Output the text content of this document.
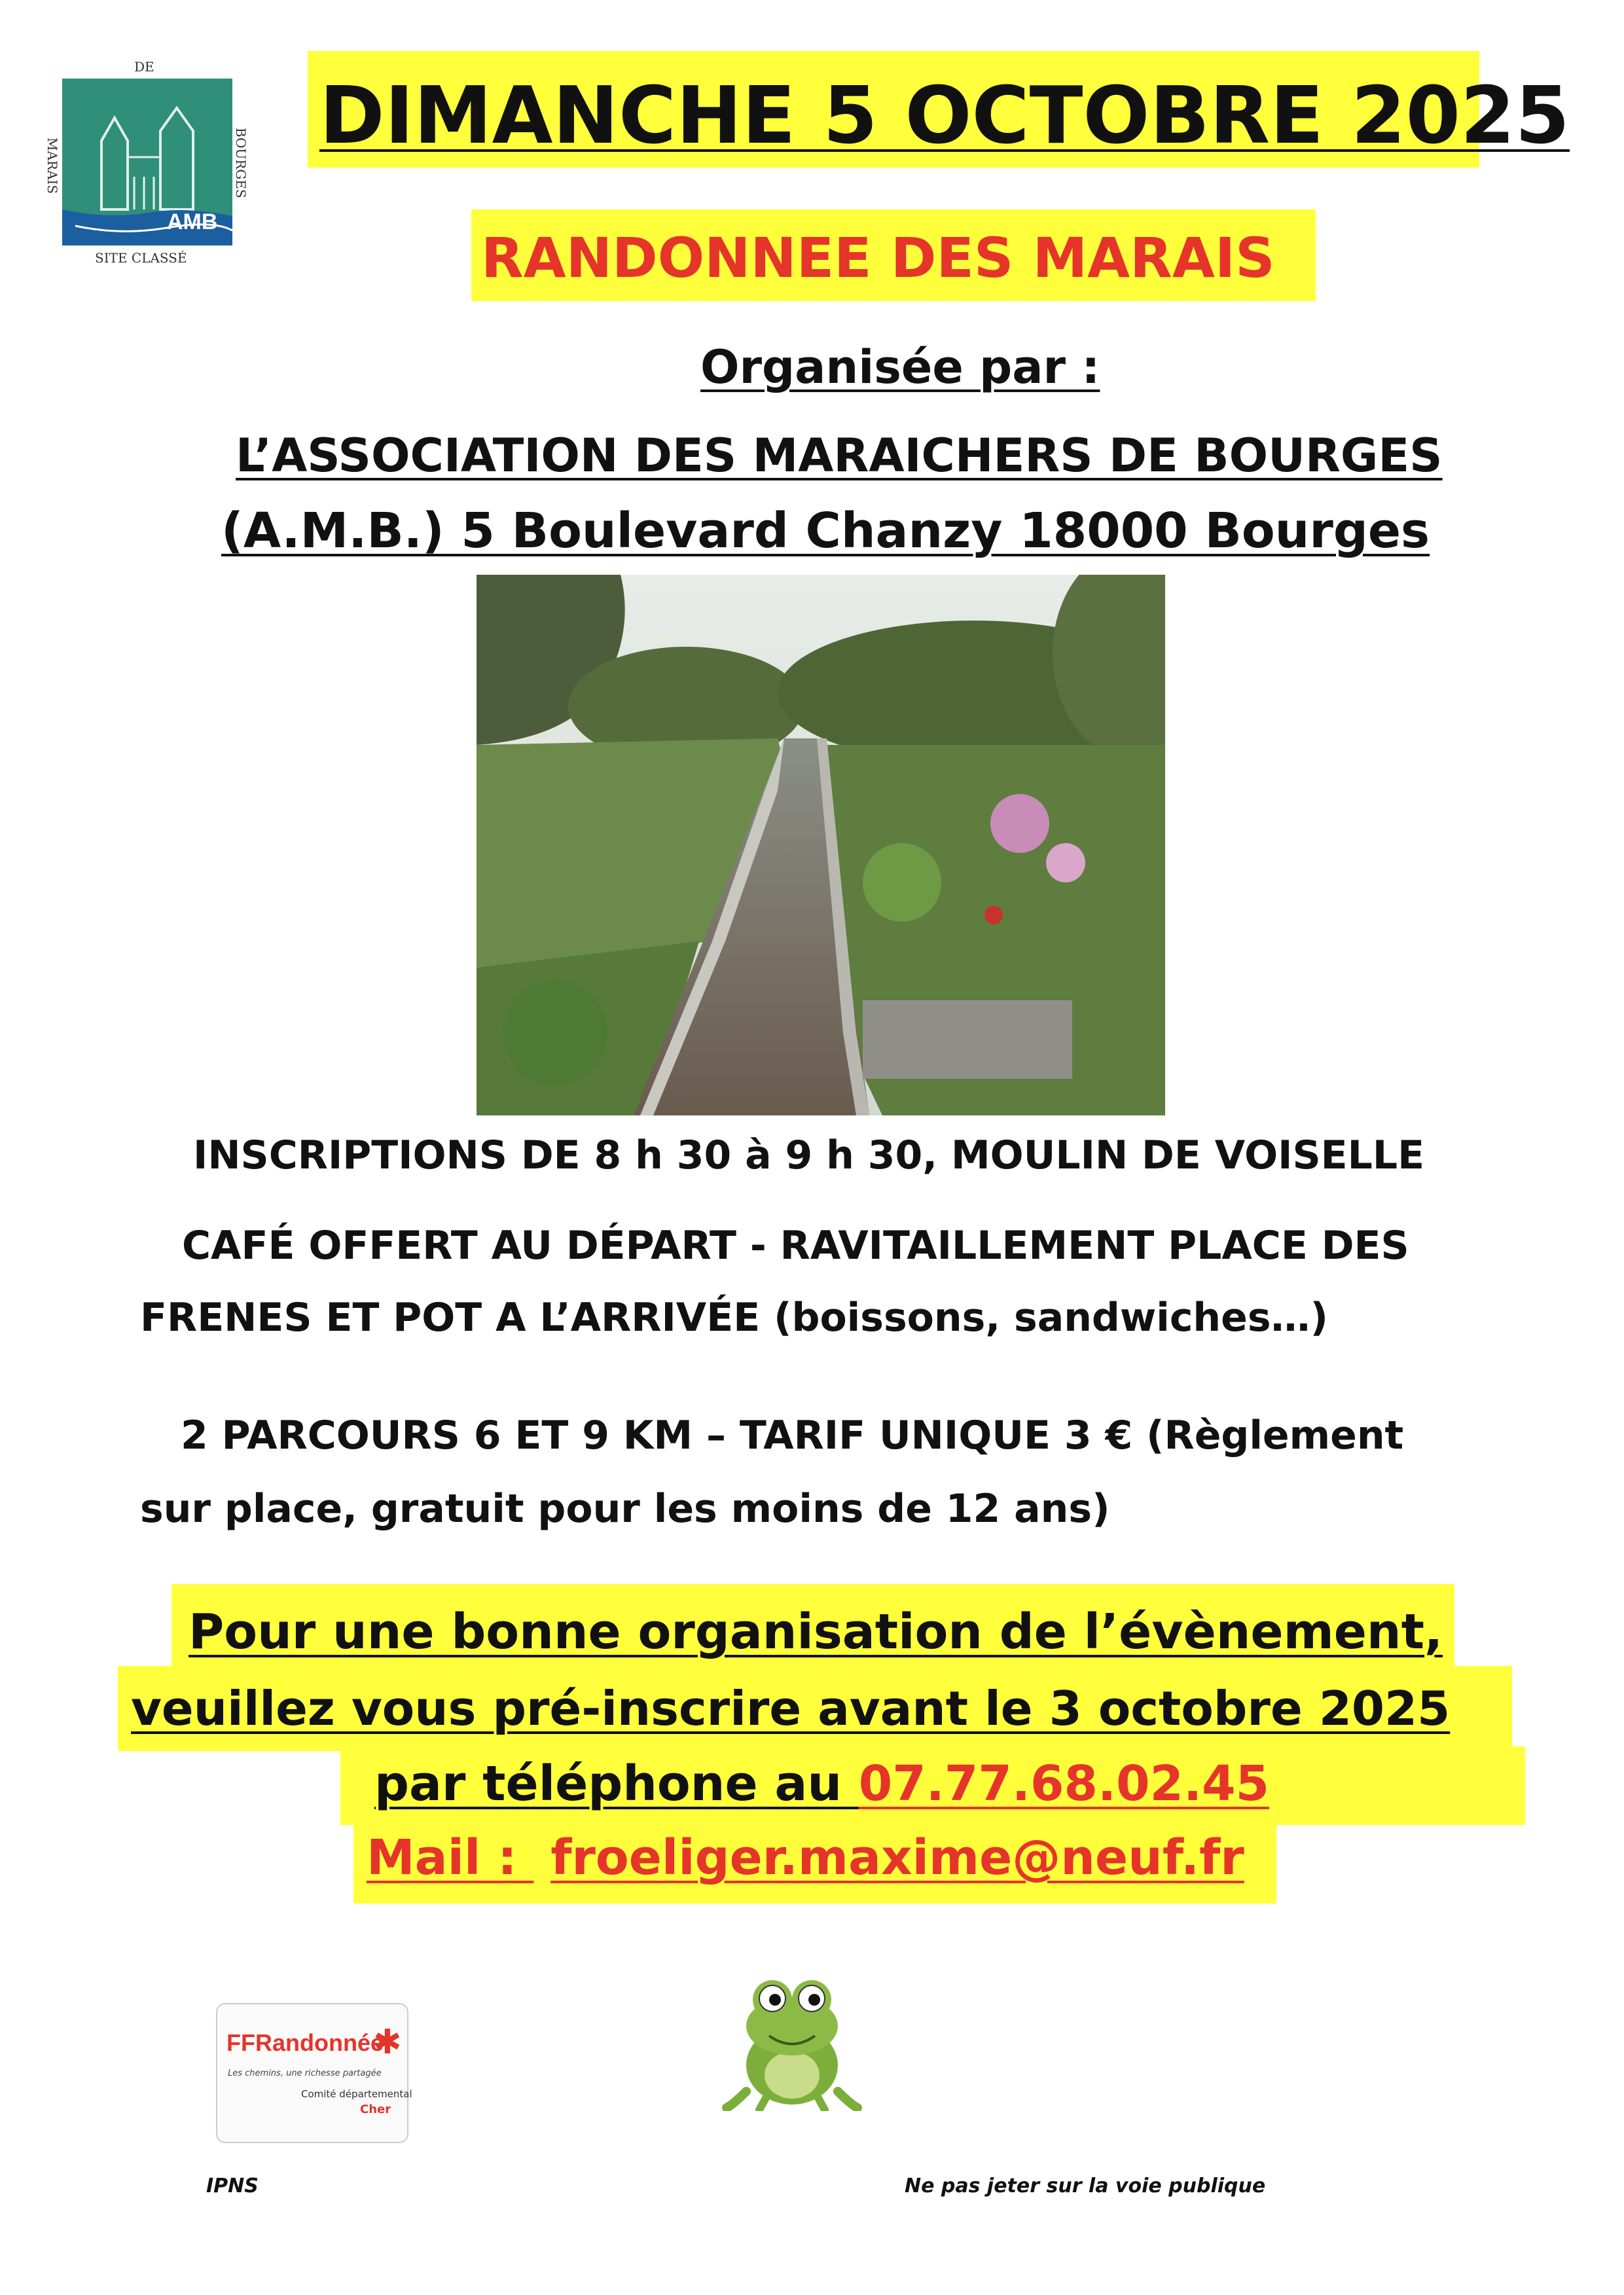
DE
MARAIS	BOURGES
AMB
SITE CLASSÉ
DIMANCHE 5 OCTOBRE 2025
RANDONNEE DES MARAIS
Organisée par :
L’ASSOCIATION DES MARAICHERS DE BOURGES
(A.M.B.) 5 Boulevard Chanzy 18000 Bourges
INSCRIPTIONS DE 8 h 30 à 9 h 30, MOULIN DE VOISELLE
CAFÉ OFFERT AU DÉPART - RAVITAILLEMENT PLACE DES
FRENES ET POT A L’ARRIVÉE (boissons, sandwiches…)
2 PARCOURS 6 ET 9 KM – TARIF UNIQUE 3 € (Règlement
sur place, gratuit pour les moins de 12 ans)
Pour une bonne organisation de l’évènement,
veuillez vous pré-inscrire avant le 3 octobre 2025
par téléphone au 07.77.68.02.45
Mail :  froeliger.maxime@neuf.fr
FFRandonnée
✱
Les chemins, une richesse partagée
Comité départemental
Cher
IPNS	Ne pas jeter sur la voie publique
